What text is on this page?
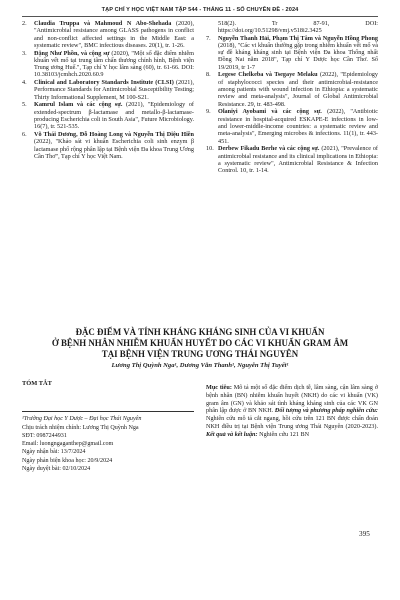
TẠP CHÍ Y HỌC VIỆT NAM TẬP 544 - THÁNG 11 - SỐ CHUYÊN ĐỀ - 2024
2.	Claudia Truppa và Mahmoud N Abo-Shehada (2020), "Antimicrobial resistance among GLASS pathogens in conflict and non-conflict affected settings in the Middle East: a systematic review", BMC infectious diseases. 20(1), tr. 1-26.
3.	Đặng Như Phồn, và cộng sự (2020), "Một số đặc điểm nhiễm khuẩn vết mổ tại trung tâm chấn thương chỉnh hình, Bệnh viện Trung ương Huế.", Tạp chí Y học lâm sàng (60), tr. 61-66. DOI: 10.38103/jcmhch.2020.60.9
4.	Clinical and Laboratory Standards Institute (CLSI) (2021), Performance Standards for Antimicrobial Susceptibility Testing; Thirty Informational Supplement, M 100-S21.
5.	Kamrul Islam và các cộng sự. (2021), "Epidemiology of extended-spectrum β-lactamase and metallo-β-lactamase-producing Escherichia coli in South Asia", Future Microbiology. 16(7), tr. 521-535.
6.	Võ Thái Dương, Đỗ Hoàng Long và Nguyễn Thị Diệu Hiền (2022), "Khảo sát vi khuẩn Escherichia coli sinh enzym β lactamase phổ rộng phân lập tại Bệnh viện Đa khoa Trung Ương Cần Thơ", Tạp chí Y học Việt Nam.
518(2). Tr 87-91, DOI: https://doi.org/10.51298/vmj.v518i2.3425
7.	Nguyễn Thanh Hải, Phạm Thị Tâm và Nguyễn Hồng Phong (2018), "Các vi khuẩn thường gặp trong nhiễm khuẩn vết mổ và sự đề kháng kháng sinh tại Bệnh viện Đa khoa Thống nhất Đồng Nai năm 2018", Tạp chí Y Dược học Cần Thơ. Số 19/2019, tr 1-7
8.	Legese Chelkeba và Tsegaye Melaku (2022), "Epidemiology of staphylococci species and their antimicrobial-resistance among patients with wound infection in Ethiopia: a systematic review and meta-analysis", Journal of Global Antimicrobial Resistance. 29, tr. 483-498.
9.	Olaniyi Ayobami và các cộng sự. (2022), "Antibiotic resistance in hospital-acquired ESKAPE-E infections in low-and lower-middle-income countries: a systematic review and meta-analysis", Emerging microbes & infections. 11(1), tr. 443-451.
10. Derbew Fikadu Berhe và các cộng sự. (2021), "Prevalence of antimicrobial resistance and its clinical implications in Ethiopia: a systematic review", Antimicrobial Resistance & Infection Control. 10, tr. 1-14.
ĐẶC ĐIỂM VÀ TÍNH KHÁNG KHÁNG SINH CỦA VI KHUẨN
Ở BỆNH NHÂN NHIỄM KHUẨN HUYẾT DO CÁC VI KHUẨN GRAM ÂM
TẠI BỆNH VIỆN TRUNG ƯƠNG THÁI NGUYÊN
Lương Thị Quỳnh Nga¹, Dương Văn Thanh¹, Nguyễn Thị Tuyết¹
TÓM TẮT
¹Trường Đại học Y Dược – Đại học Thái Nguyên
Chịu trách nhiệm chính: Lương Thị Quỳnh Nga
SĐT: 0987244931
Email: luongngaganthep@gmail.com
Ngày nhận bài: 13/7/2024
Ngày phản biện khoa học: 20/9/2024
Ngày duyệt bài: 02/10/2024
Mục tiêu: Mô tả một số đặc điểm dịch tễ, lâm sàng, cận lâm sàng ở bệnh nhân (BN) nhiễm khuẩn huyết (NKH) do các vi khuẩn (VK) gram âm (GN) và khảo sát tình kháng kháng sinh của các VK GN phân lập được ở BN NKH. Đối tượng và phương pháp nghiên cứu: Nghiên cứu mô tả cắt ngang, hồi cứu trên 121 BN được chẩn đoán NKH điều trị tại Bệnh viện Trung ương Thái Nguyên (2020-2023). Kết quả và kết luận: Nghiên cứu 121 BN
395
